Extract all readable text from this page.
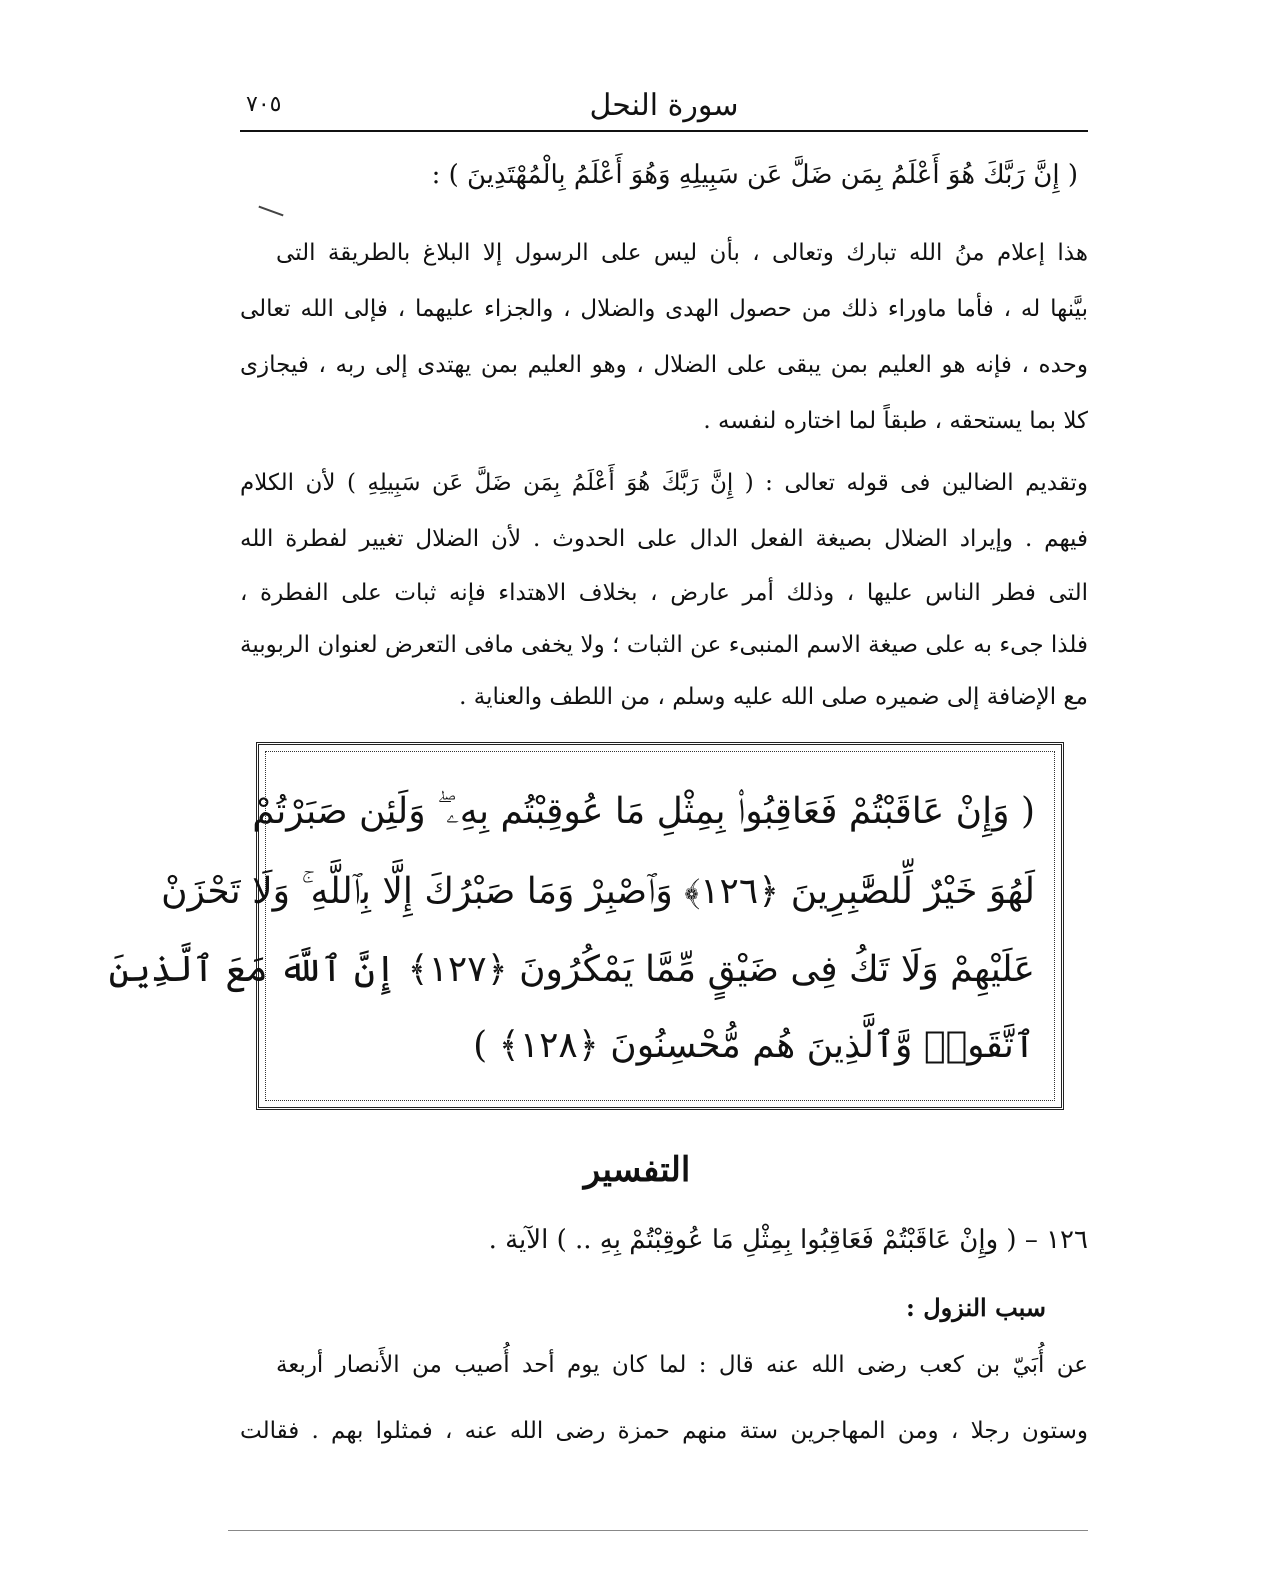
سورة النحل
٧٠٥
( إِنَّ رَبَّكَ هُوَ أَعْلَمُ بِمَن ضَلَّ عَن سَبِيلِهِ وَهُوَ أَعْلَمُ بِالْمُهْتَدِينَ ) :
هذا إعلام منُ الله تبارك وتعالى ، بأن ليس على الرسول إلا البلاغ بالطريقة التى
بيَّنها له ، فأما ماوراء ذلك من حصول الهدى والضلال ، والجزاء عليهما ، فإلى الله تعالى
وحده ، فإنه هو العليم بمن يبقى على الضلال ، وهو العليم بمن يهتدى إلى ربه ، فيجازى
كلا بما يستحقه ، طبقاً لما اختاره لنفسه .
وتقديم الضالين فى قوله تعالى : ( إِنَّ رَبَّكَ هُوَ أَعْلَمُ بِمَن ضَلَّ عَن سَبِيلِهِ ) لأن الكلام
فيهم . وإيراد الضلال بصيغة الفعل الدال على الحدوث . لأن الضلال تغيير لفطرة الله
التى فطر الناس عليها ، وذلك أمر عارض ، بخلاف الاهتداء فإنه ثبات على الفطرة ،
فلذا جىء به على صيغة الاسم المنبىء عن الثبات ؛ ولا يخفى مافى التعرض لعنوان الربوبية
مع الإضافة إلى ضميره صلى الله عليه وسلم ، من اللطف والعناية .
( وَإِنْ عَاقَبْتُمْ فَعَاقِبُوا۟ بِمِثْلِ مَا عُوقِبْتُم بِهِۦ ۖ وَلَئِن صَبَرْتُمْ
لَهُوَ خَيْرٌ لِّلصَّٰبِرِينَ ﴿١٢٦﴾ وَٱصْبِرْ وَمَا صَبْرُكَ إِلَّا بِٱللَّهِ ۚ وَلَا تَحْزَنْ
عَلَيْهِمْ وَلَا تَكُ فِى ضَيْقٍ مِّمَّا يَمْكُرُونَ ﴿١٢٧﴾ إِنَّ ٱللَّهَ مَعَ ٱلَّذِينَ
ٱتَّقَوا۟ وَّٱلَّذِينَ هُم مُّحْسِنُونَ ﴿١٢٨﴾ )
التفسير
١٢٦ – ( وإِنْ عَاقَبْتُمْ فَعَاقِبُوا بِمِثْلِ مَا عُوقِبْتُمْ بِهِ .. ) الآية .
سبب النزول :
عن أُبَيّ بن كعب رضى الله عنه قال : لما كان يوم أحد أُصيب من الأَنصار أربعة
وستون رجلا ، ومن المهاجرين ستة منهم حمزة رضى الله عنه ، فمثلوا بهم . فقالت
